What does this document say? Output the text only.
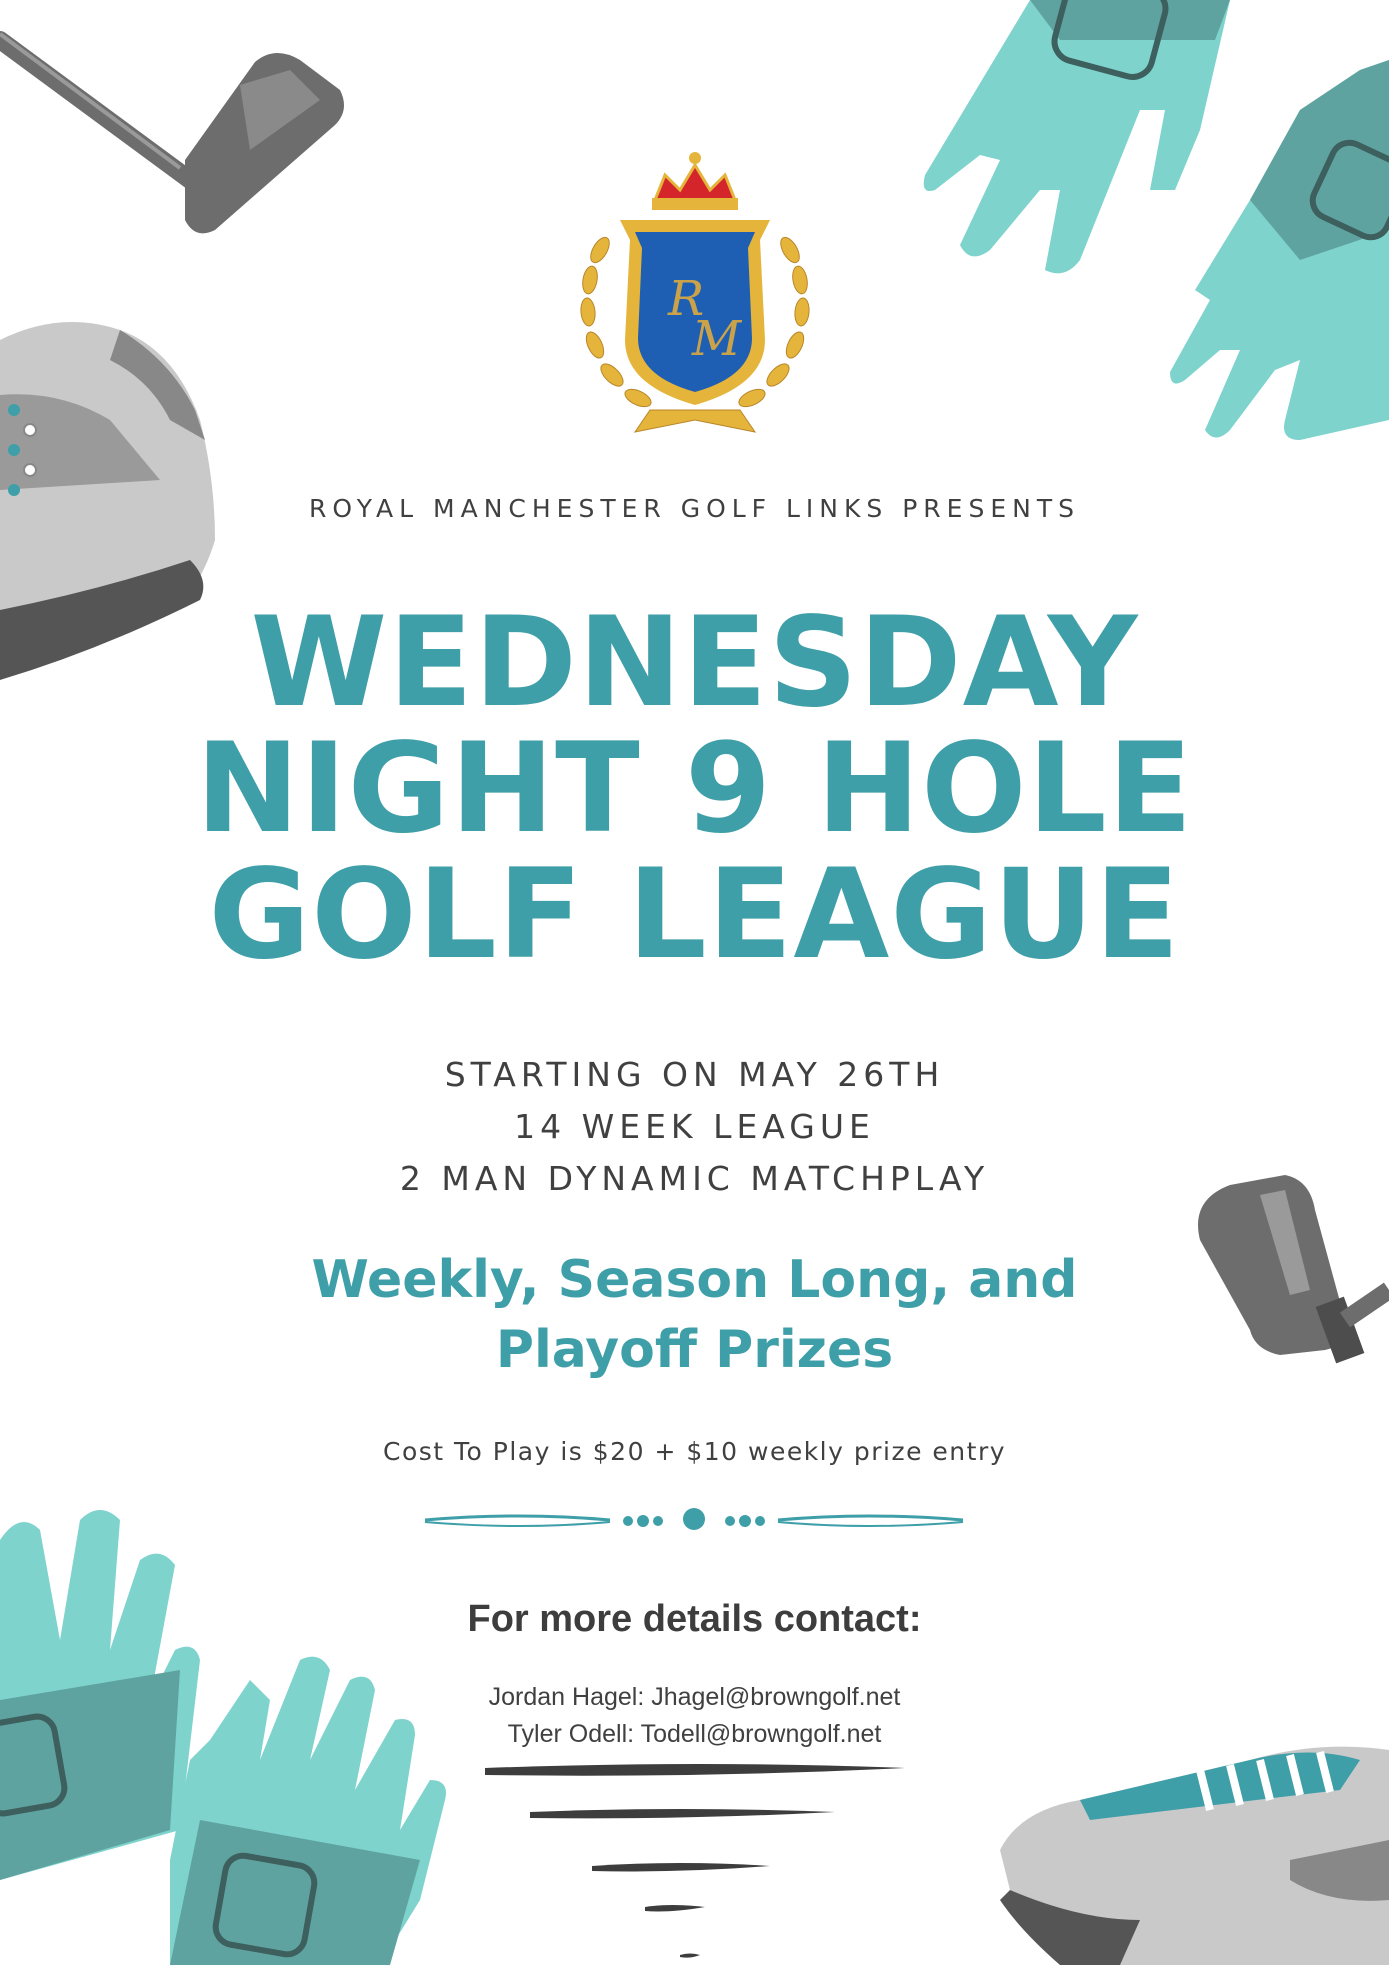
R
M
ROYAL MANCHESTER GOLF LINKS PRESENTS
WEDNESDAY
NIGHT 9 HOLE
GOLF LEAGUE
STARTING ON MAY 26TH
14 WEEK LEAGUE
2 MAN DYNAMIC MATCHPLAY
Weekly, Season Long, and
Playoff Prizes
Cost To Play is $20 + $10 weekly prize entry
For more details contact:
Jordan Hagel: Jhagel@browngolf.net
Tyler Odell: Todell@browngolf.net
